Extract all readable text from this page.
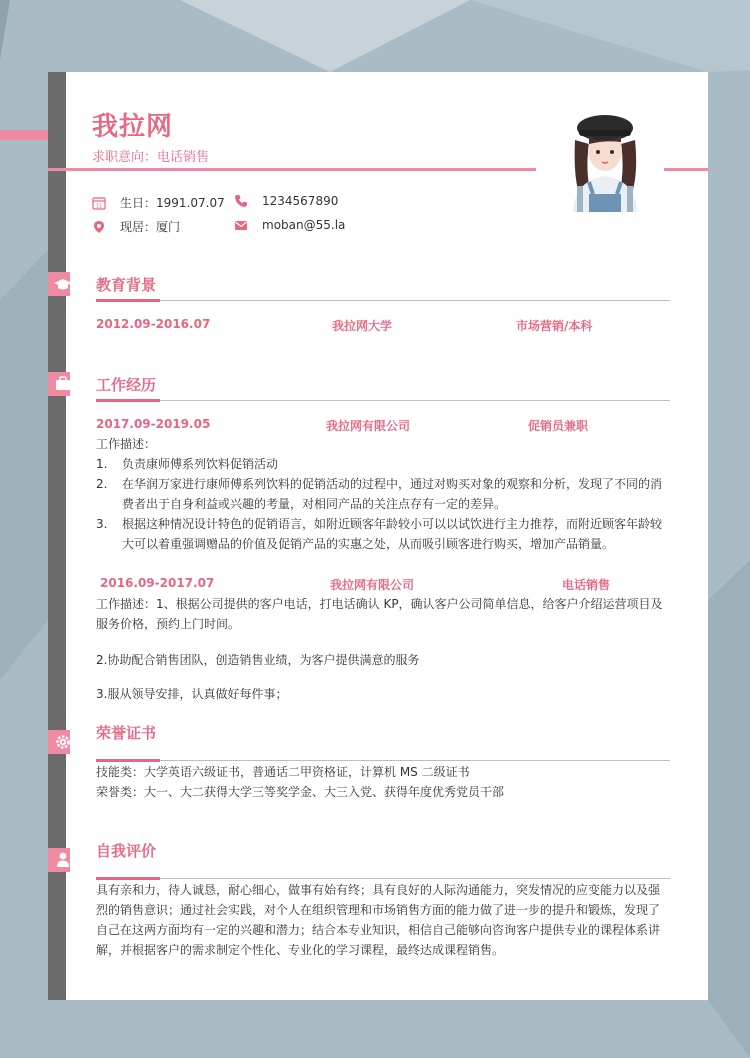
我拉网
求职意向：电话销售
11 生日：1991.07.07	1234567890
现居：厦门	moban@55.la
教育背景
2012.09-2016.07	我拉网大学	市场营销/本科
工作经历
2017.09-2019.05	我拉网有限公司	促销员兼职
工作描述：
1.	负责康师傅系列饮料促销活动
2.	在华润万家进行康师傅系列饮料的促销活动的过程中，通过对购买对象的观察和分析，发现了不同的消费者出于自身利益或兴趣的考量，对相同产品的关注点存有一定的差异。
3.	根据这种情况设计特色的促销语言，如附近顾客年龄较小可以以试饮进行主力推荐，而附近顾客年龄较大可以着重强调赠品的价值及促销产品的实惠之处，从而吸引顾客进行购买，增加产品销量。
2016.09-2017.07	我拉网有限公司	电话销售
工作描述：1、根据公司提供的客户电话，打电话确认 KP，确认客户公司简单信息，给客户介绍运营项目及服务价格，预约上门时间。
2.协助配合销售团队，创造销售业绩，为客户提供满意的服务
3.服从领导安排，认真做好每件事；
荣誉证书
技能类：大学英语六级证书，普通话二甲资格证，计算机 MS 二级证书
荣誉类：大一、大二获得大学三等奖学金、大三入党、获得年度优秀党员干部
自我评价
具有亲和力，待人诚恳，耐心细心，做事有始有终；具有良好的人际沟通能力，突发情况的应变能力以及强烈的销售意识；通过社会实践，对个人在组织管理和市场销售方面的能力做了进一步的提升和锻炼，发现了自己在这两方面均有一定的兴趣和潜力；结合本专业知识，相信自己能够向咨询客户提供专业的课程体系讲解，并根据客户的需求制定个性化、专业化的学习课程，最终达成课程销售。
